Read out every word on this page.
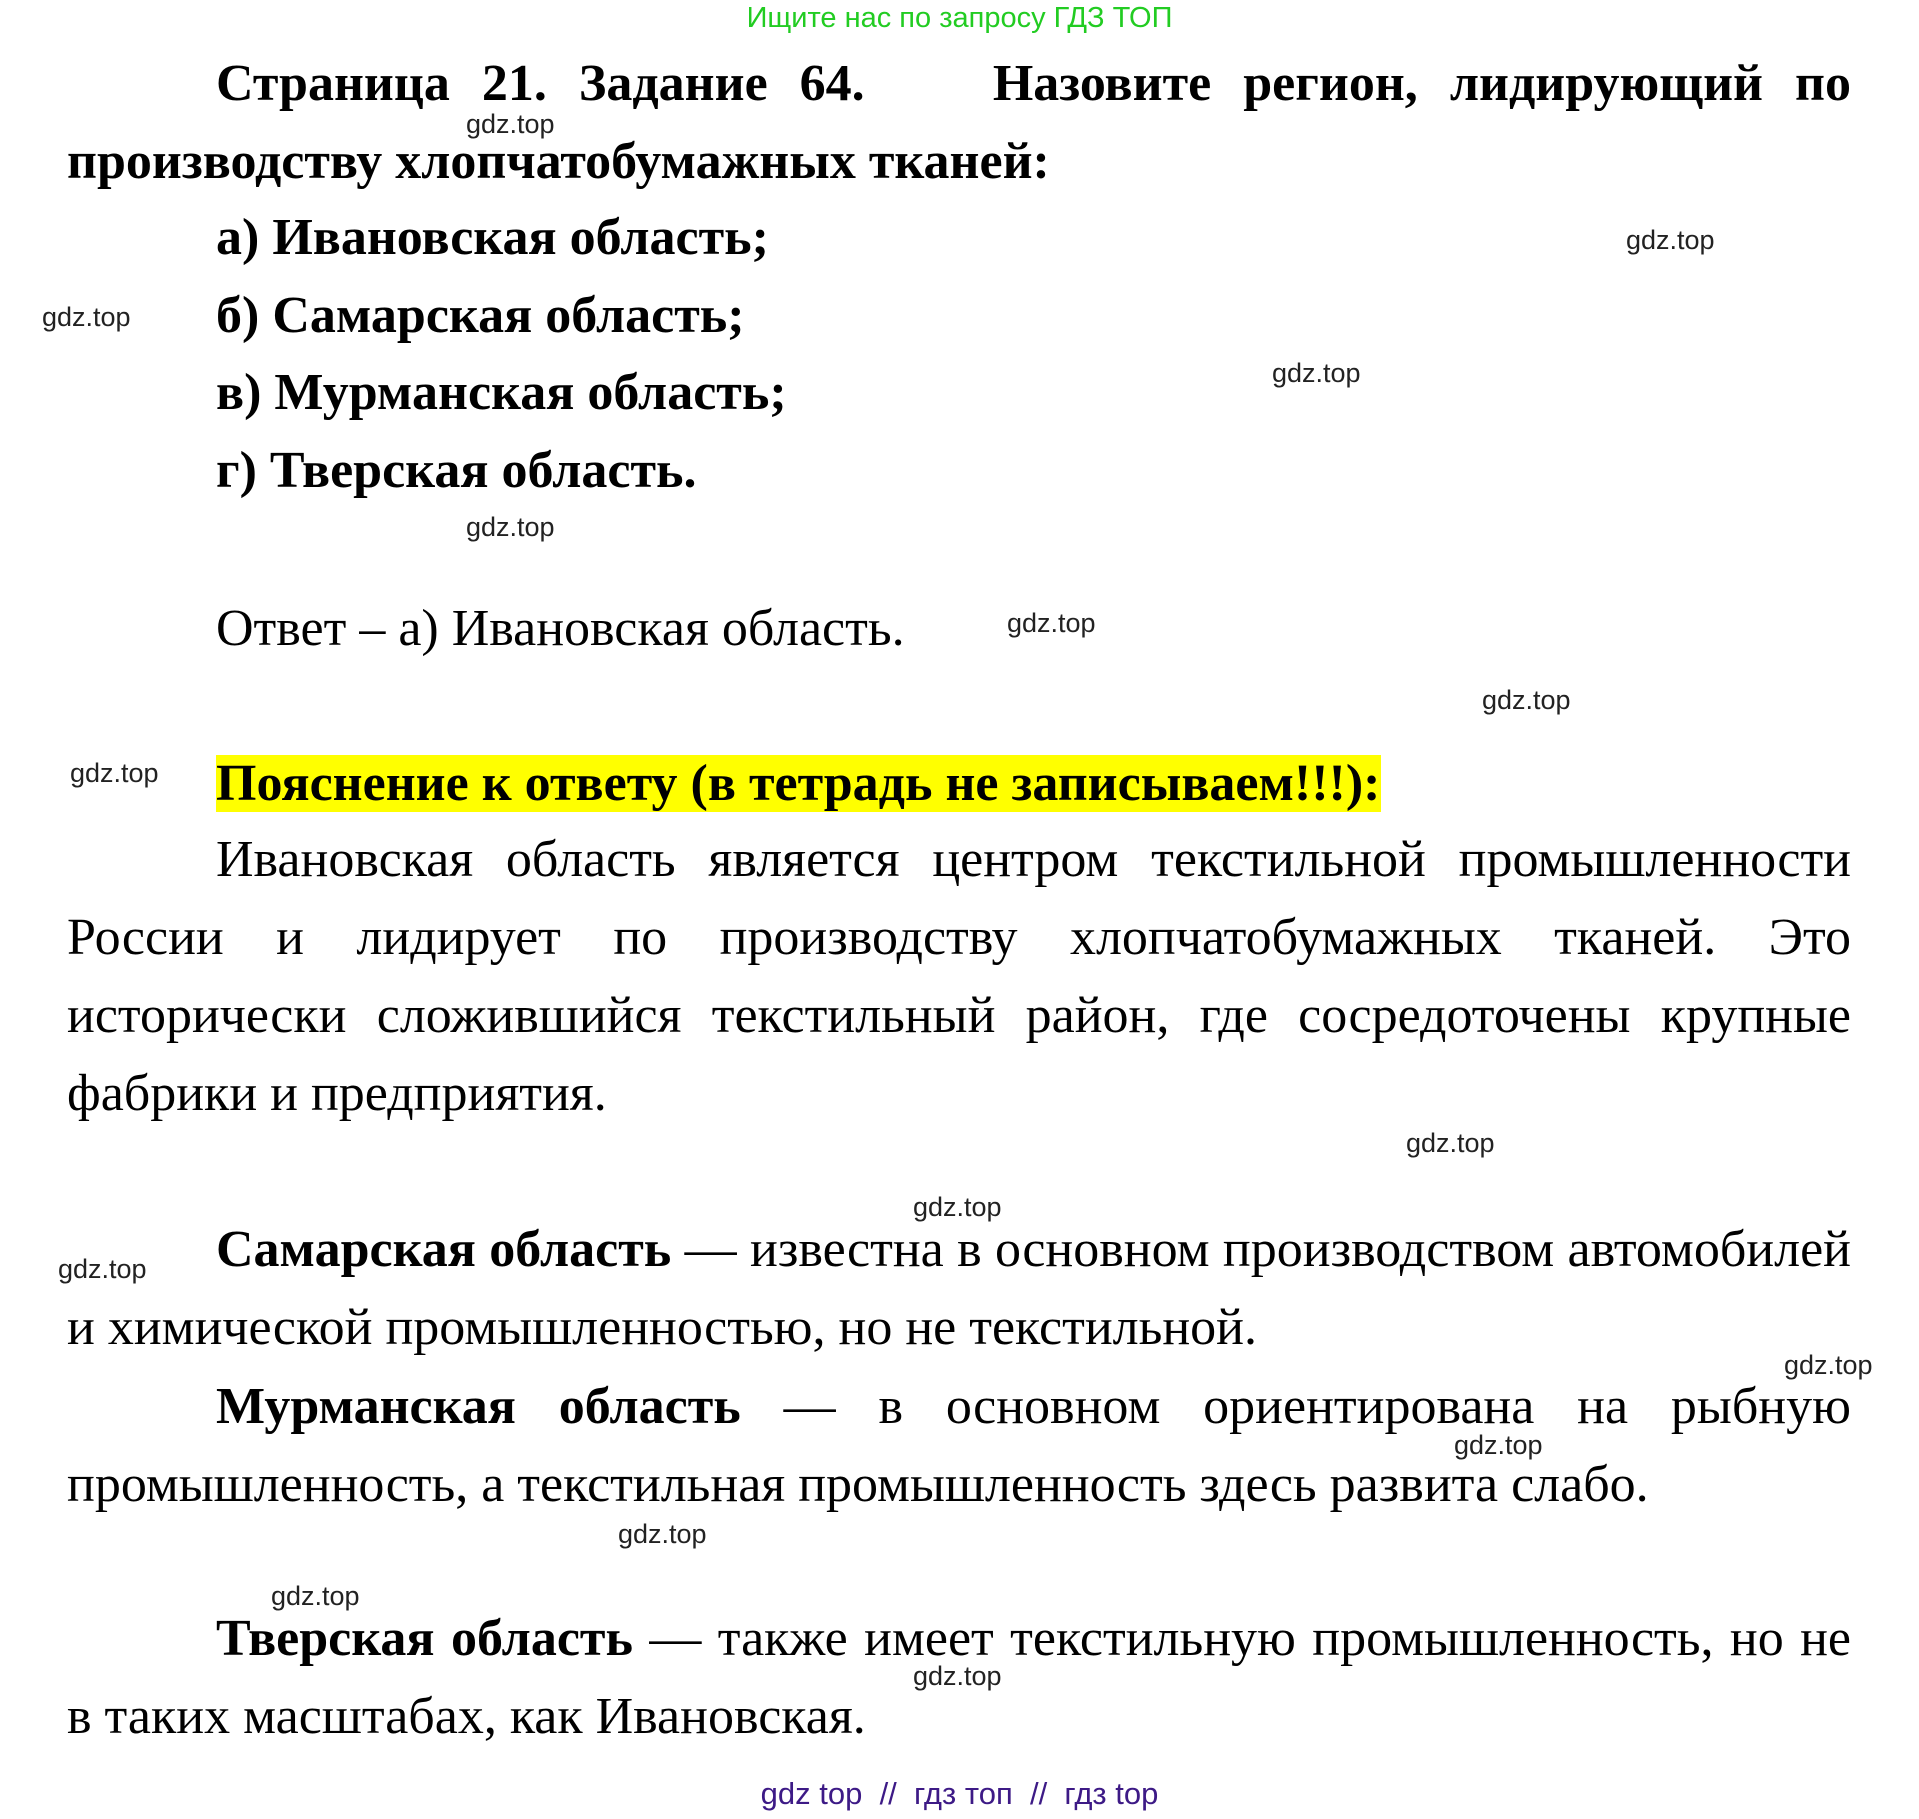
Ищите нас по запросу ГДЗ ТОП
Страница 21. Задание 64. Назовите регион, лидирующий по производству хлопчатобумажных тканей:
а) Ивановская область;
б) Самарская область;
в) Мурманская область;
г) Тверская область.
Ответ – а) Ивановская область.
Пояснение к ответу (в тетрадь не записываем!!!):
Ивановская область является центром текстильной промышленности России и лидирует по производству хлопчатобумажных тканей. Это исторически сложившийся текстильный район, где сосредоточены крупные фабрики и предприятия.
Самарская область — известна в основном производством автомобилей и химической промышленностью, но не текстильной.
Мурманская область — в основном ориентирована на рыбную промышленность, а текстильная промышленность здесь развита слабо.
Тверская область — также имеет текстильную промышленность, но не в таких масштабах, как Ивановская.
gdz.top
gdz.top
gdz.top
gdz.top
gdz.top
gdz.top
gdz.top
gdz.top
gdz.top
gdz.top
gdz.top
gdz.top
gdz.top
gdz.top
gdz.top
gdz.top
gdz top  //  гдз топ  //  гдз top
